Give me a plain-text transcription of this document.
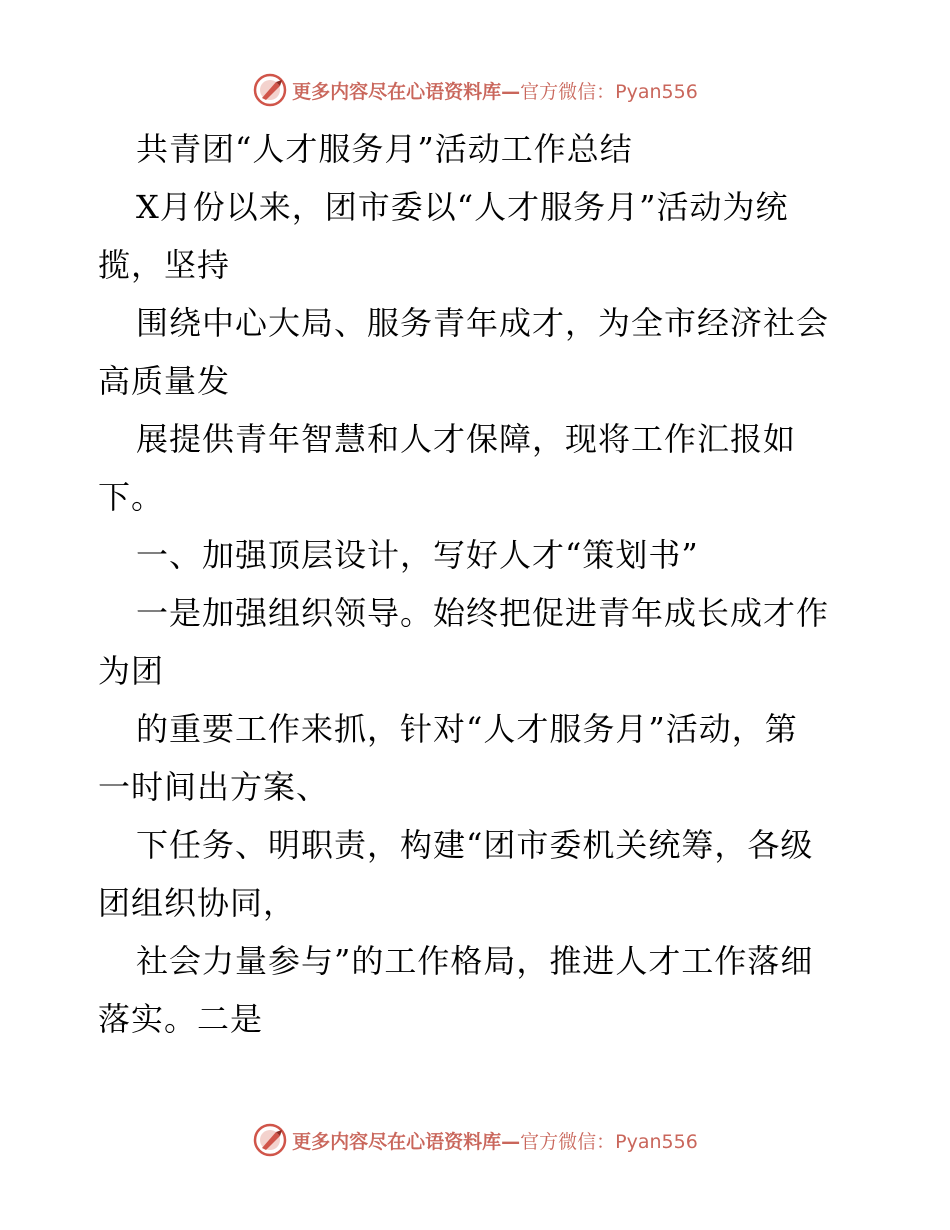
更多内容尽在心语资料库— 官方微信：Pyan556
共青团“人才服务月”活动工作总结
X月份以来，团市委以“人才服务月”活动为统
揽，坚持
围绕中心大局、服务青年成才，为全市经济社会
高质量发
展提供青年智慧和人才保障，现将工作汇报如
下。
一、加强顶层设计，写好人才“策划书”
一是加强组织领导。始终把促进青年成长成才作
为团
的重要工作来抓，针对“人才服务月”活动，第
一时间出方案、
下任务、明职责，构建“团市委机关统筹，各级
团组织协同，
社会力量参与”的工作格局，推进人才工作落细
落实。二是
更多内容尽在心语资料库— 官方微信：Pyan556
